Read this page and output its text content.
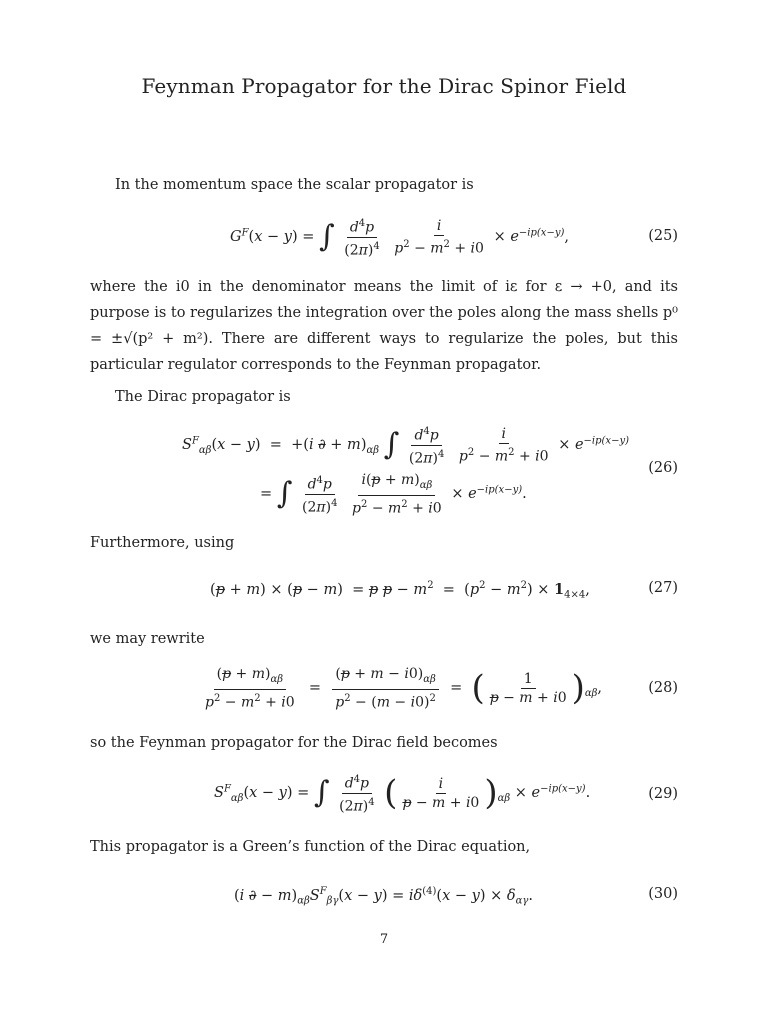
Feynman Propagator for the Dirac Spinor Field
In the momentum space the scalar propagator is
$G^F(x - y)$ = ∫ $\frac{d^4p}{(2\pi)^4}$
$\frac{i}{p^2 - m^2 + i0} \times e^{-ip(x-y)}$,	(25)
where the i0 in the denominator means the limit of iε for ε → +0, and its purpose is to regularizes the integration over the poles along the mass shells p⁰ = ±√(p² + m²). There are different ways to regularize the poles, but this particular regulator corresponds to the Feynman propagator.
The Dirac propagator is
$S^F_{\alpha\beta}(x - y) = +(i$ ∂ + $m)_{\alpha\beta}$ ∫ $\frac{d^4p}{(2\pi)^4}$
$\frac{i}{p^2 - m^2 + i0} \times e^{-ip(x-y)}$
= ∫ $\frac{d^4p}{(2\pi)^4}$
$\frac{i(p + m)_{\alpha\beta}}{p^2 - m^2 + i0} \times e^{-ip(x-y)}$.
(26)
Furthermore, using
(p + m) × (p − m) = p $p - m^2 = (p^2 - m^2) \times 1_{4\times 4}$,	(27)
we may rewrite
$\frac{(p + m)_{\alpha\beta}}{p^2 - m^2 + i0} = \frac{(p + m - i0)_{\alpha\beta}}{p^2 - (m - i0)^2}$ = ( $\frac{1}{p - m + i0} )_{\alpha\beta}$,	(28)
so the Feynman propagator for the Dirac field becomes
$S^F_{\alpha\beta}(x - y)$ = ∫ $\frac{d^4p}{(2\pi)^4}$ ( $\frac{i}{p - m + i0} )_{\alpha\beta} \times e^{-ip(x-y)}$.	(29)
This propagator is a Green’s function of the Dirac equation,
(i ∂ − $m)_{\alpha\beta}S^F_{\beta\gamma}(x - y) = i\delta^{(4)}(x - y) \times \delta_{\alpha\gamma}$.	(30)
7
